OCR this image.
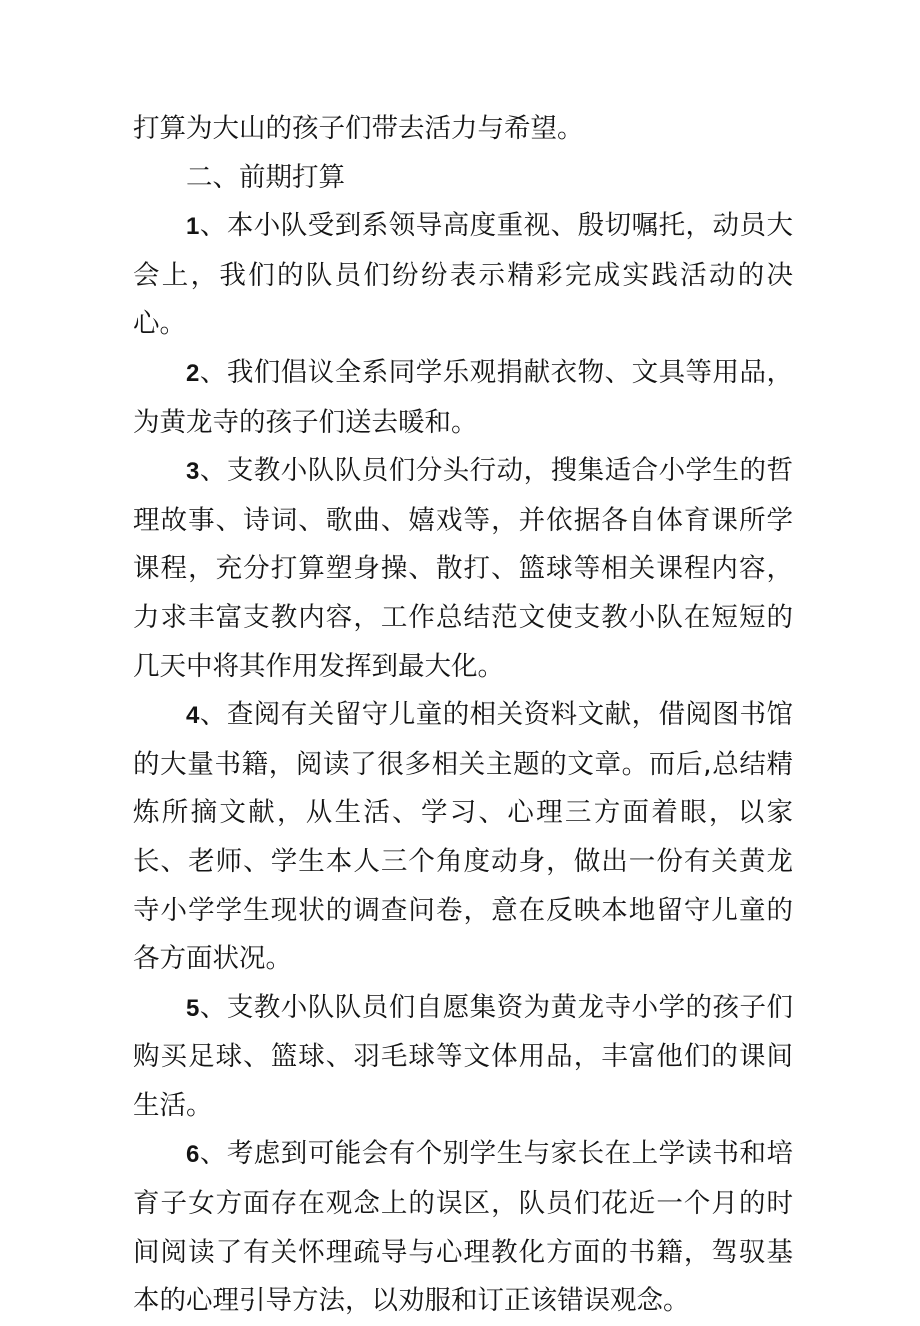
打算为大山的孩子们带去活力与希望。

二、前期打算

1、本小队受到系领导高度重视、殷切嘱托，动员大会上，我们的队员们纷纷表示精彩完成实践活动的决心。

2、我们倡议全系同学乐观捐献衣物、文具等用品，为黄龙寺的孩子们送去暖和。

3、支教小队队员们分头行动，搜集适合小学生的哲理故事、诗词、歌曲、嬉戏等，并依据各自体育课所学课程，充分打算塑身操、散打、篮球等相关课程内容，力求丰富支教内容，工作总结范文使支教小队在短短的几天中将其作用发挥到最大化。

4、查阅有关留守儿童的相关资料文献，借阅图书馆的大量书籍，阅读了很多相关主题的文章。而后,总结精炼所摘文献，从生活、学习、心理三方面着眼，以家长、老师、学生本人三个角度动身，做出一份有关黄龙寺小学学生现状的调查问卷，意在反映本地留守儿童的各方面状况。

5、支教小队队员们自愿集资为黄龙寺小学的孩子们购买足球、篮球、羽毛球等文体用品，丰富他们的课间生活。

6、考虑到可能会有个别学生与家长在上学读书和培育子女方面存在观念上的误区，队员们花近一个月的时间阅读了有关怀理疏导与心理教化方面的书籍，驾驭基本的心理引导方法，以劝服和订正该错误观念。
